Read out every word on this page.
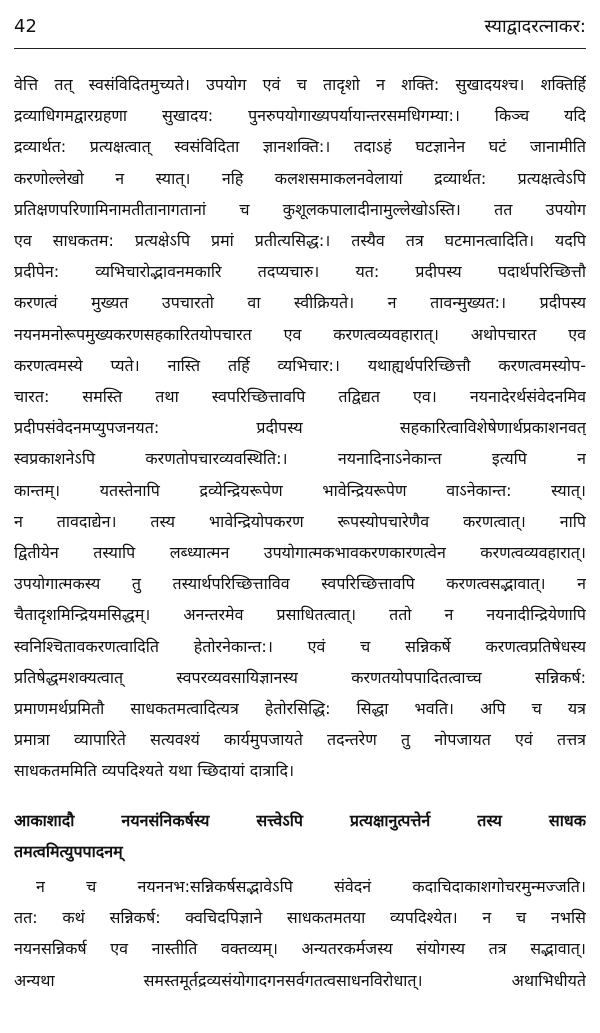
42	स्याद्वादरत्नाकर:
वेत्ति तत् स्वसंविदितमुच्यते। उपयोग एवं च तादृशो न शक्ति: सुखादयश्च। शक्तिर्हि
द्रव्याधिगमद्वारग्रहणा सुखादय: पुनरुपयोगाख्यपर्यायान्तरसमधिगम्या:। किञ्च यदि
द्रव्यार्थत: प्रत्यक्षत्वात् स्वसंविदिता ज्ञानशक्ति:। तदाऽहं घटज्ञानेन घटं जानामीति
करणोल्लेखो न स्यात्। नहि कलशसमाकलनवेलायां द्रव्यार्थत: प्रत्यक्षत्वेऽपि
प्रतिक्षणपरिणामिनामतीतानागतानां च कुशूलकपालादीनामुल्लेखोऽस्ति। तत उपयोग
एव साधकतम: प्रत्यक्षेऽपि प्रमां प्रतीत्यसिद्ध:। तस्यैव तत्र घटमानत्वादिति। यदपि
प्रदीपेन: व्यभिचारोद्भावनमकारि तदप्यचारु। यत: प्रदीपस्य पदार्थपरिच्छित्तौ
करणत्वं मुख्यत उपचारतो वा स्वीक्रियते। न तावन्मुख्यत:। प्रदीपस्य
नयनमनोरूपमुख्यकरणसहकारितयोपचारत एव करणत्वव्यवहारात्। अथोपचारत एव
करणत्वमस्ये प्यते। नास्ति तर्हि व्यभिचार:। यथाह्यर्थपरिच्छित्तौ करणत्वमस्योप-
चारत: समस्ति तथा स्वपरिच्छित्तावपि तद्विद्यत एव। नयनादेरर्थसंवेदनमिव
प्रदीपसंवेदनमप्युपजनयत: प्रदीपस्य सहकारित्वाविशेषेणार्थप्रकाशनवत्
स्वप्रकाशनेऽपि करणतोपचारव्यवस्थिति:। नयनादिनाऽनेकान्त इत्यपि न
कान्तम्। यतस्तेनापि द्रव्येन्द्रियरूपेण भावेन्द्रियरूपेण वाऽनेकान्त: स्यात्।
न तावदाद्येन। तस्य भावेन्द्रियोपकरण रूपस्योपचारेणैव करणत्वात्। नापि
द्वितीयेन तस्यापि लब्ध्यात्मन उपयोगात्मकभावकरणकारणत्वेन करणत्वव्यवहारात्।
उपयोगात्मकस्य तु तस्यार्थपरिच्छित्ताविव स्वपरिच्छित्तावपि करणत्वसद्भावात्। न
चैतादृशमिन्द्रियमसिद्धम्। अनन्तरमेव प्रसाधितत्वात्। ततो न नयनादीन्द्रियेणापि
स्वनिश्चितावकरणत्वादिति हेतोरनेकान्त:। एवं च सन्निकर्षे करणत्वप्रतिषेधस्य
प्रतिषेद्धमशक्यत्वात् स्वपरव्यवसायिज्ञानस्य करणतयोपपादितत्वाच्च सन्निकर्ष:
प्रमाणमर्थप्रमितौ साधकतमत्वादित्यत्र हेतोरसिद्धि: सिद्धा भवति। अपि च यत्र
प्रमात्रा व्यापारिते सत्यवश्यं कार्यमुपजायते तदन्तरेण तु नोपजायत एवं तत्तत्र
साधकतममिति व्यपदिश्यते यथा च्छिदायां दात्रादि।
आकाशादौ नयनसंनिकर्षस्य सत्त्वेऽपि प्रत्यक्षानुत्पत्तेर्न तस्य साधक
तमत्वमित्युपपादनम्
न च नयननभ:सन्निकर्षसद्भावेऽपि संवेदनं कदाचिदाकाशगोचरमुन्मज्जति।
तत: कथं सन्निकर्ष: क्वचिदपिज्ञाने साधकतमतया व्यपदिश्येत। न च नभसि
नयनसन्निकर्ष एव नास्तीति वक्तव्यम्। अन्यतरकर्मजस्य संयोगस्य तत्र सद्भावात्।
अन्यथा समस्तमूर्तद्रव्यसंयोगादगनसर्वगतत्वसाधनविरोधात्। अथाभिधीयते
